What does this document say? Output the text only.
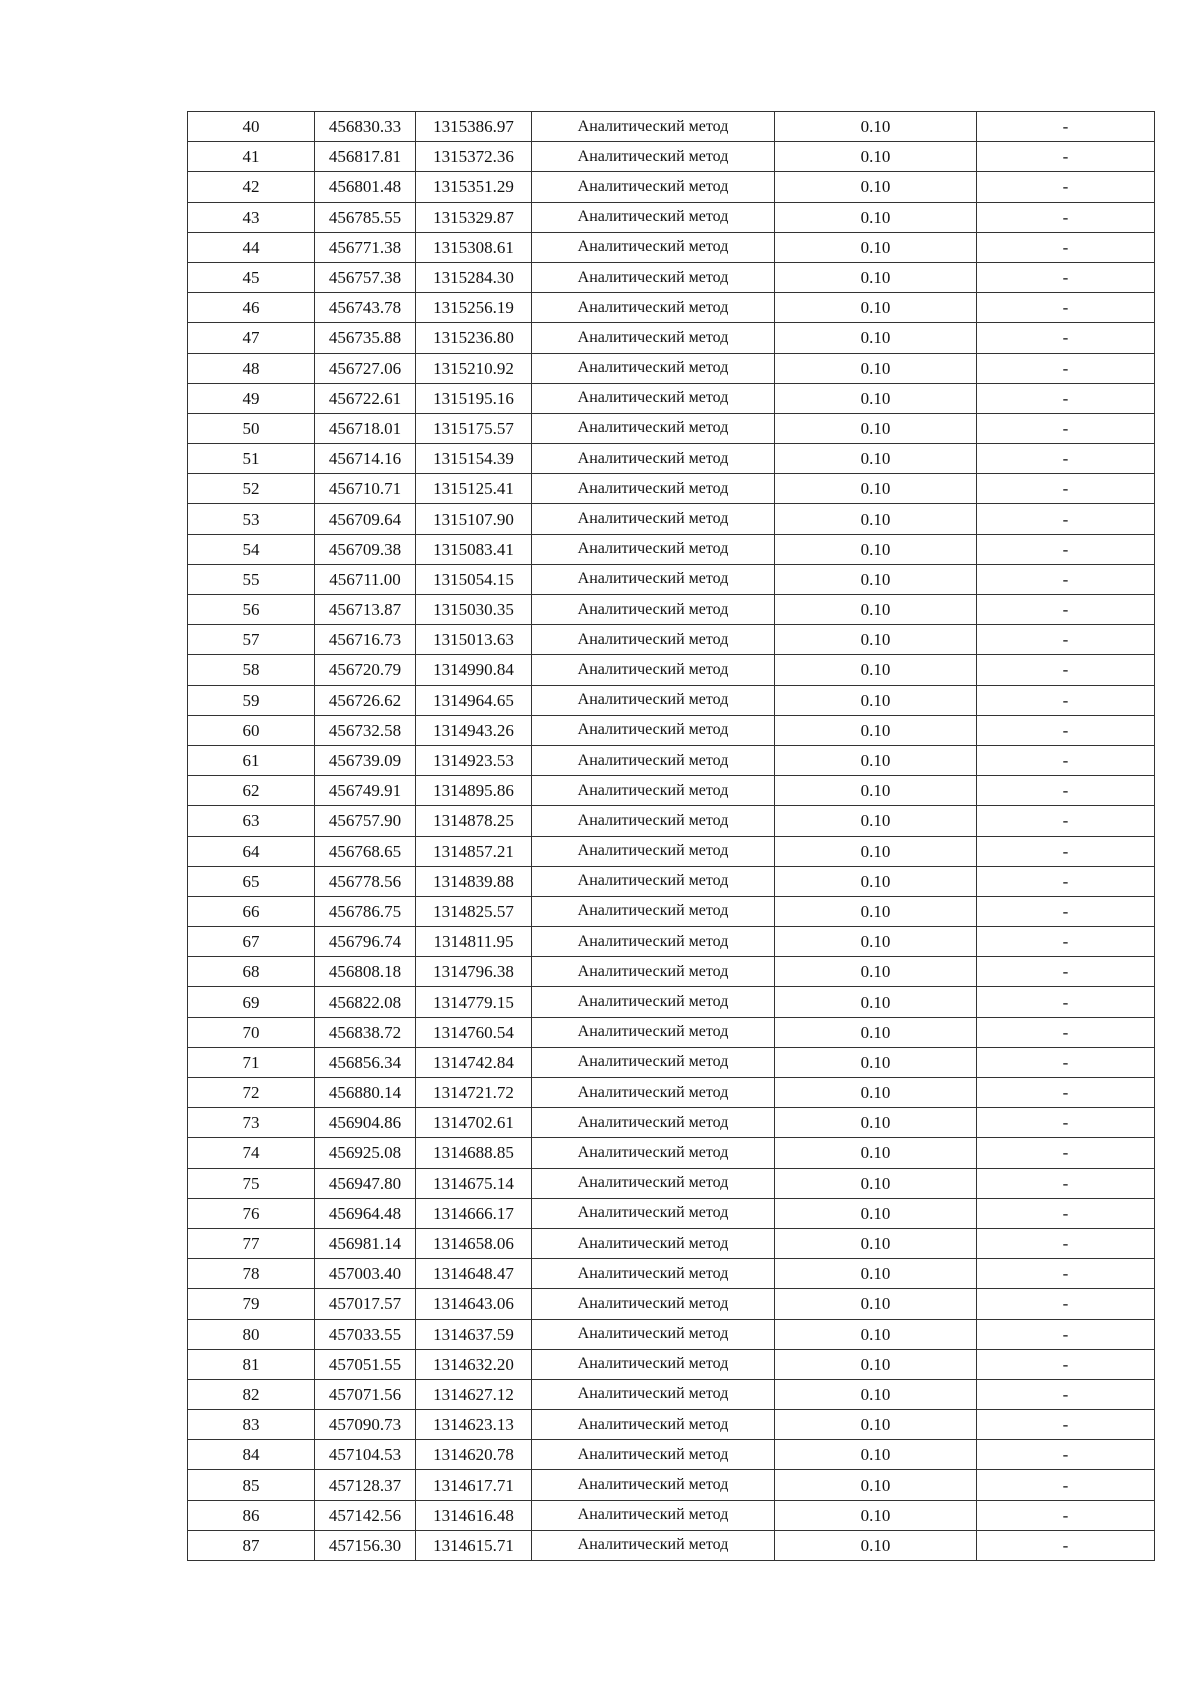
40	456830.33	1315386.97	Аналитический метод	0.10	-
41	456817.81	1315372.36	Аналитический метод	0.10	-
42	456801.48	1315351.29	Аналитический метод	0.10	-
43	456785.55	1315329.87	Аналитический метод	0.10	-
44	456771.38	1315308.61	Аналитический метод	0.10	-
45	456757.38	1315284.30	Аналитический метод	0.10	-
46	456743.78	1315256.19	Аналитический метод	0.10	-
47	456735.88	1315236.80	Аналитический метод	0.10	-
48	456727.06	1315210.92	Аналитический метод	0.10	-
49	456722.61	1315195.16	Аналитический метод	0.10	-
50	456718.01	1315175.57	Аналитический метод	0.10	-
51	456714.16	1315154.39	Аналитический метод	0.10	-
52	456710.71	1315125.41	Аналитический метод	0.10	-
53	456709.64	1315107.90	Аналитический метод	0.10	-
54	456709.38	1315083.41	Аналитический метод	0.10	-
55	456711.00	1315054.15	Аналитический метод	0.10	-
56	456713.87	1315030.35	Аналитический метод	0.10	-
57	456716.73	1315013.63	Аналитический метод	0.10	-
58	456720.79	1314990.84	Аналитический метод	0.10	-
59	456726.62	1314964.65	Аналитический метод	0.10	-
60	456732.58	1314943.26	Аналитический метод	0.10	-
61	456739.09	1314923.53	Аналитический метод	0.10	-
62	456749.91	1314895.86	Аналитический метод	0.10	-
63	456757.90	1314878.25	Аналитический метод	0.10	-
64	456768.65	1314857.21	Аналитический метод	0.10	-
65	456778.56	1314839.88	Аналитический метод	0.10	-
66	456786.75	1314825.57	Аналитический метод	0.10	-
67	456796.74	1314811.95	Аналитический метод	0.10	-
68	456808.18	1314796.38	Аналитический метод	0.10	-
69	456822.08	1314779.15	Аналитический метод	0.10	-
70	456838.72	1314760.54	Аналитический метод	0.10	-
71	456856.34	1314742.84	Аналитический метод	0.10	-
72	456880.14	1314721.72	Аналитический метод	0.10	-
73	456904.86	1314702.61	Аналитический метод	0.10	-
74	456925.08	1314688.85	Аналитический метод	0.10	-
75	456947.80	1314675.14	Аналитический метод	0.10	-
76	456964.48	1314666.17	Аналитический метод	0.10	-
77	456981.14	1314658.06	Аналитический метод	0.10	-
78	457003.40	1314648.47	Аналитический метод	0.10	-
79	457017.57	1314643.06	Аналитический метод	0.10	-
80	457033.55	1314637.59	Аналитический метод	0.10	-
81	457051.55	1314632.20	Аналитический метод	0.10	-
82	457071.56	1314627.12	Аналитический метод	0.10	-
83	457090.73	1314623.13	Аналитический метод	0.10	-
84	457104.53	1314620.78	Аналитический метод	0.10	-
85	457128.37	1314617.71	Аналитический метод	0.10	-
86	457142.56	1314616.48	Аналитический метод	0.10	-
87	457156.30	1314615.71	Аналитический метод	0.10	-
